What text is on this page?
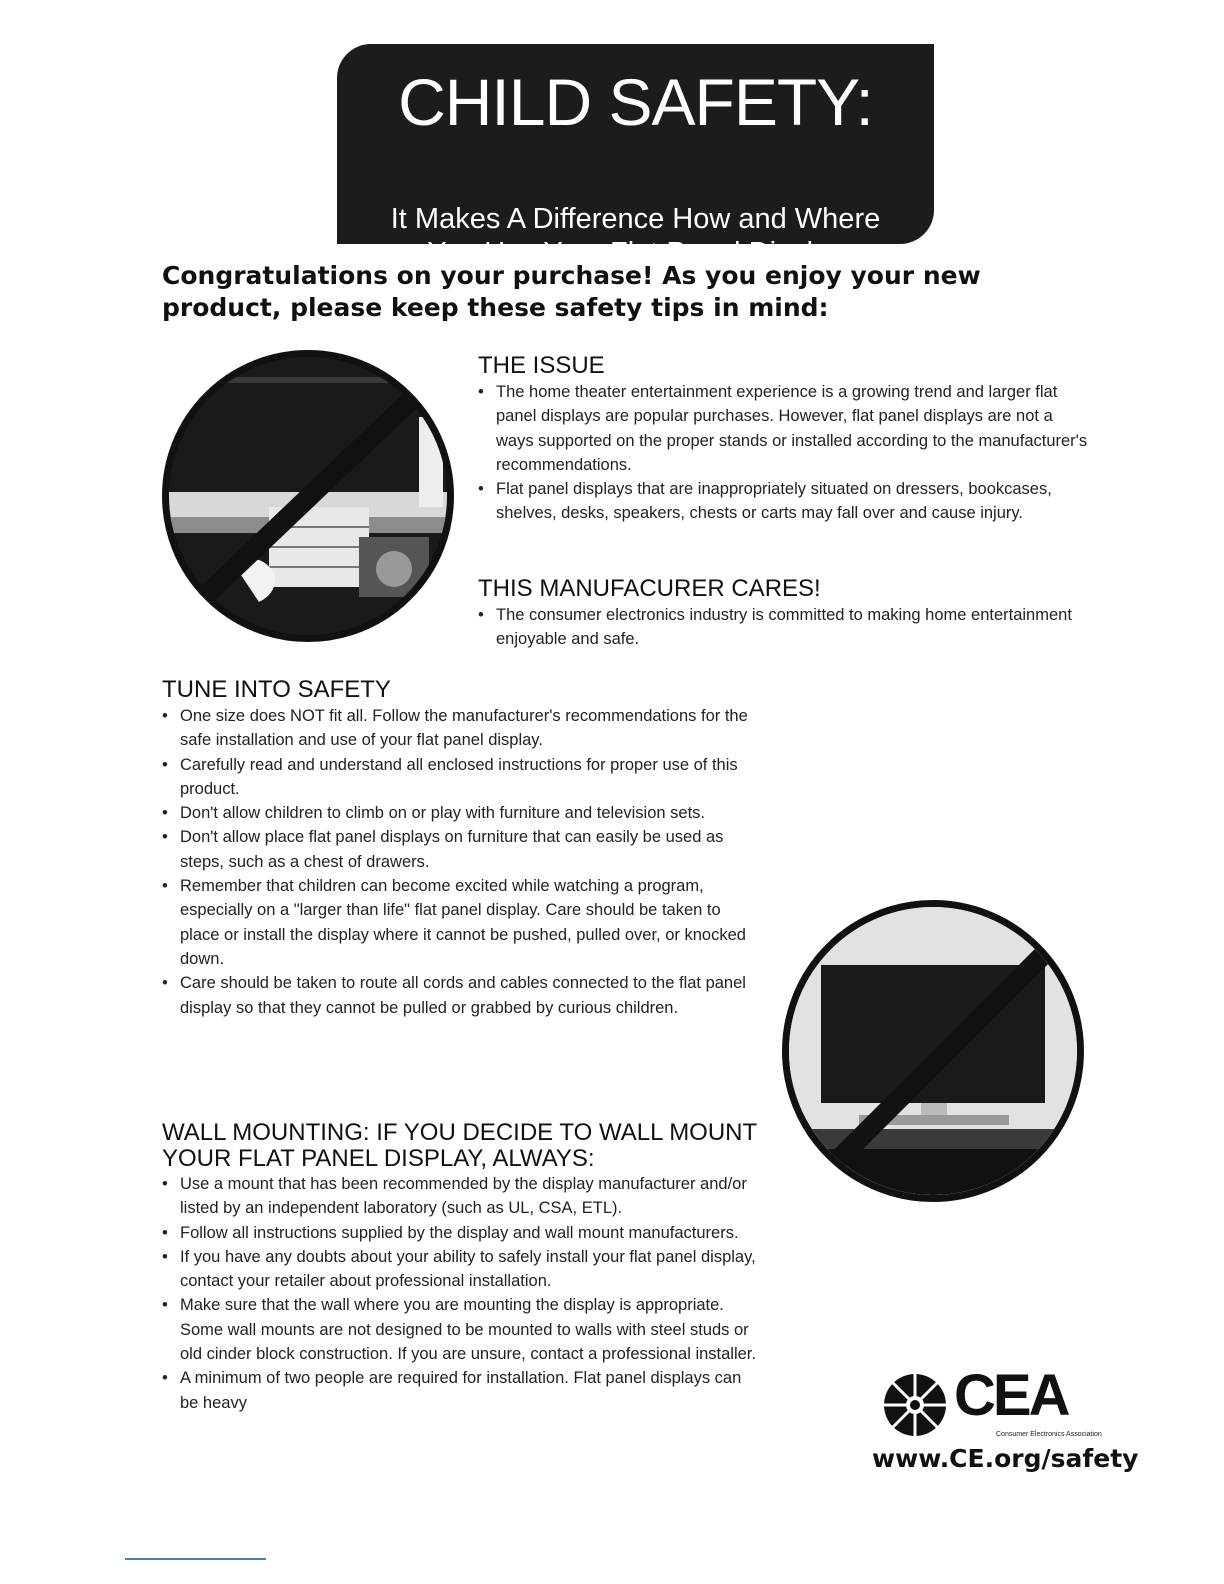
CHILD SAFETY:
It Makes A Difference How and Where
You Use Your Flat Panel Display
Congratulations on your purchase! As you enjoy your new product, please keep these safety tips in mind:
THE ISSUE
• The home theater entertainment experience is a growing trend and larger flat panel displays are popular purchases. However, flat panel displays are not a ways supported on the proper stands or installed according to the manufacturer's recommendations.
• Flat panel displays that are inappropriately situated on dressers, bookcases, shelves, desks, speakers, chests or carts may fall over and cause injury.
THIS MANUFACURER CARES!
• The consumer electronics industry is committed to making home entertainment enjoyable and safe.
TUNE INTO SAFETY
• One size does NOT fit all. Follow the manufacturer's recommendations for the safe installation and use of your flat panel display.
• Carefully read and understand all enclosed instructions for proper use of this product.
• Don't allow children to climb on or play with furniture and television sets.
• Don't allow place flat panel displays on furniture that can easily be used as steps, such as a chest of drawers.
• Remember that children can become excited while watching a program, especially on a "larger than life" flat panel display. Care should be taken to place or install the display where it cannot be pushed, pulled over, or knocked down.
• Care should be taken to route all cords and cables connected to the flat panel display so that they cannot be pulled or grabbed by curious children.
WALL MOUNTING: IF YOU DECIDE TO WALL MOUNT
YOUR FLAT PANEL DISPLAY, ALWAYS:
• Use a mount that has been recommended by the display manufacturer and/or listed by an independent laboratory (such as UL, CSA, ETL).
• Follow all instructions supplied by the display and wall mount manufacturers.
• If you have any doubts about your ability to safely install your flat panel display, contact your retailer about professional installation.
• Make sure that the wall where you are mounting the display is appropriate. Some wall mounts are not designed to be mounted to walls with steel studs or old cinder block construction. If you are unsure, contact a professional installer.
• A minimum of two people are required for installation. Flat panel displays can be heavy	CEA
Consumer Electronics Association
www.CE.org/safety
